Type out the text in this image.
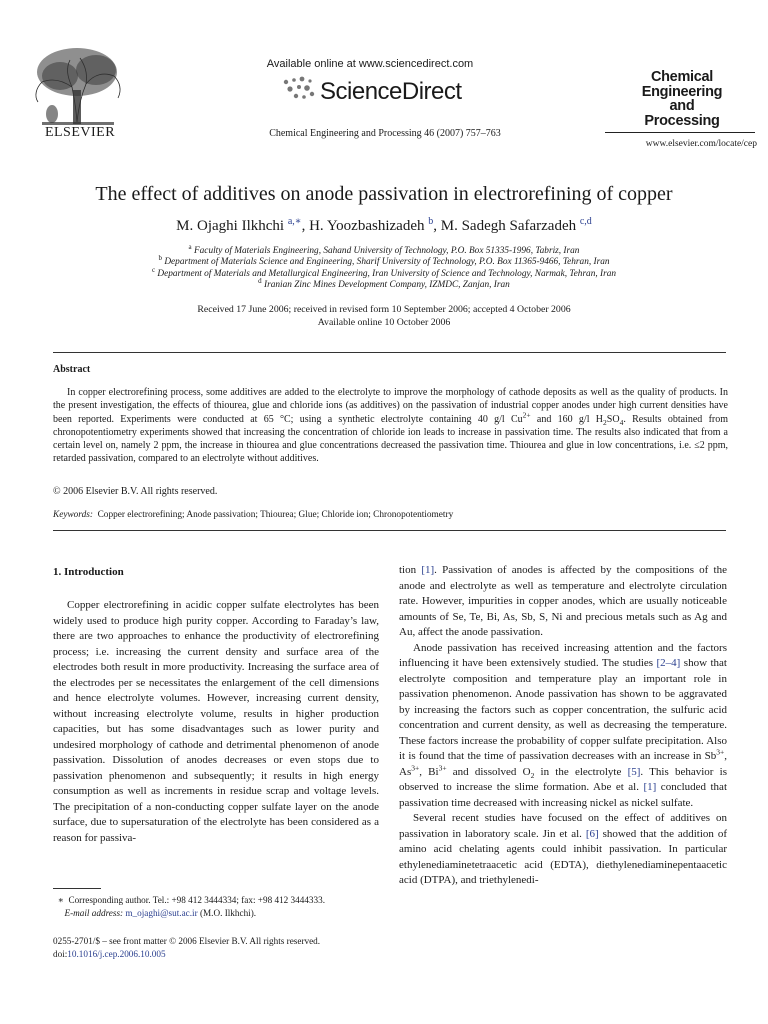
ELSEVIER
Available online at www.sciencedirect.com
ScienceDirect
Chemical Engineering and Processing 46 (2007) 757–763
Chemical
Engineering
and
Processing
www.elsevier.com/locate/cep
The effect of additives on anode passivation in electrorefining of copper
M. Ojaghi Ilkhchi $^{a,∗}$, H. Yoozbashizadeh $^b$, M. Sadegh Safarzadeh $^{c,d}$
$^a$ Faculty of Materials Engineering, Sahand University of Technology, P.O. Box 51335-1996, Tabriz, Iran
$^b$ Department of Materials Science and Engineering, Sharif University of Technology, P.O. Box 11365-9466, Tehran, Iran
$^c$ Department of Materials and Metallurgical Engineering, Iran University of Science and Technology, Narmak, Tehran, Iran
$^d$ Iranian Zinc Mines Development Company, IZMDC, Zanjan, Iran
Received 17 June 2006; received in revised form 10 September 2006; accepted 4 October 2006
Available online 10 October 2006
Abstract

In copper electrorefining process, some additives are added to the electrolyte to improve the morphology of cathode deposits as well as the quality of products. In the present investigation, the effects of thiourea, glue and chloride ions (as additives) on the passivation of industrial copper anodes under high current densities have been reported. Experiments were conducted at 65 °C; using a synthetic electrolyte containing 40 g/l $Cu^{2+}$ and 160 g/l $H_2SO_4$. Results obtained from chronopotentiometry experiments showed that increasing the concentration of chloride ion leads to increase in passivation time. The results also indicated that from a certain level on, namely 2 ppm, the increase in thiourea and glue concentrations decreased the passivation time. Thiourea and glue in low concentrations, i.e. ≤2 ppm, retarded passivation, compared to an electrolyte without additives.

© 2006 Elsevier B.V. All rights reserved.
Keywords: Copper electrorefining; Anode passivation; Thiourea; Glue; Chloride ion; Chronopotentiometry
1. Introduction

Copper electrorefining in acidic copper sulfate electrolytes has been widely used to produce high purity copper. According to Faraday’s law, there are two approaches to enhance the productivity of electrorefining process; i.e. increasing the current density and surface area of the electrodes both result in more productivity. Increasing the surface area of the electrodes per se necessitates the enlargement of the cell dimensions and hence electrolyte volumes. However, increasing current density, without increasing electrolyte volume, results in higher production capacities, but has some disadvantages such as lower purity and undesired morphology of cathode and detrimental phenomenon of anode passivation. Dissolution of anodes decreases or even stops due to passivation phenomenon and subsequently; it results in high energy consumption as well as increments in residue scrap and voltage levels. The precipitation of a non-conducting copper sulfate layer on the anode surface, due to supersaturation of the electrolyte has been considered as a reason for passiva-

tion [1]. Passivation of anodes is affected by the compositions of the anode and electrolyte as well as temperature and electrolyte circulation rate. However, impurities in copper anodes, which are usually noticeable amounts of Se, Te, Bi, As, Sb, S, Ni and precious metals such as Ag and Au, affect the anode passivation.

Anode passivation has received increasing attention and the factors influencing it have been extensively studied. The studies [2–4] show that electrolyte composition and temperature play an important role in passivation phenomenon. Anode passivation has shown to be aggravated by increasing the factors such as copper concentration, the sulfuric acid concentration and current density, as well as decreasing the temperature. These factors increase the probability of copper sulfate precipitation. Also it is found that the time of passivation decreases with an increase in $Sb^{3+}$, $As^{3+}$, $Bi^{3+}$ and dissolved $O_2$ in the electrolyte [5]. This behavior is observed to increase the slime formation. Abe et al. [1] concluded that passivation time decreased with increasing nickel as nickel sulfate.

Several recent studies have focused on the effect of additives on passivation in laboratory scale. Jin et al. [6] showed that the addition of amino acid chelating agents could inhibit passivation. In particular ethylenediaminetetraacetic acid (EDTA), diethylenediaminepentaacetic acid (DTPA), and triethylenedi-

∗  Corresponding author. Tel.: +98 412 3444334; fax: +98 412 3444333.
E-mail address: m_ojaghi@sut.ac.ir (M.O. Ilkhchi).
0255-2701/$ – see front matter © 2006 Elsevier B.V. All rights reserved.
doi:10.1016/j.cep.2006.10.005
